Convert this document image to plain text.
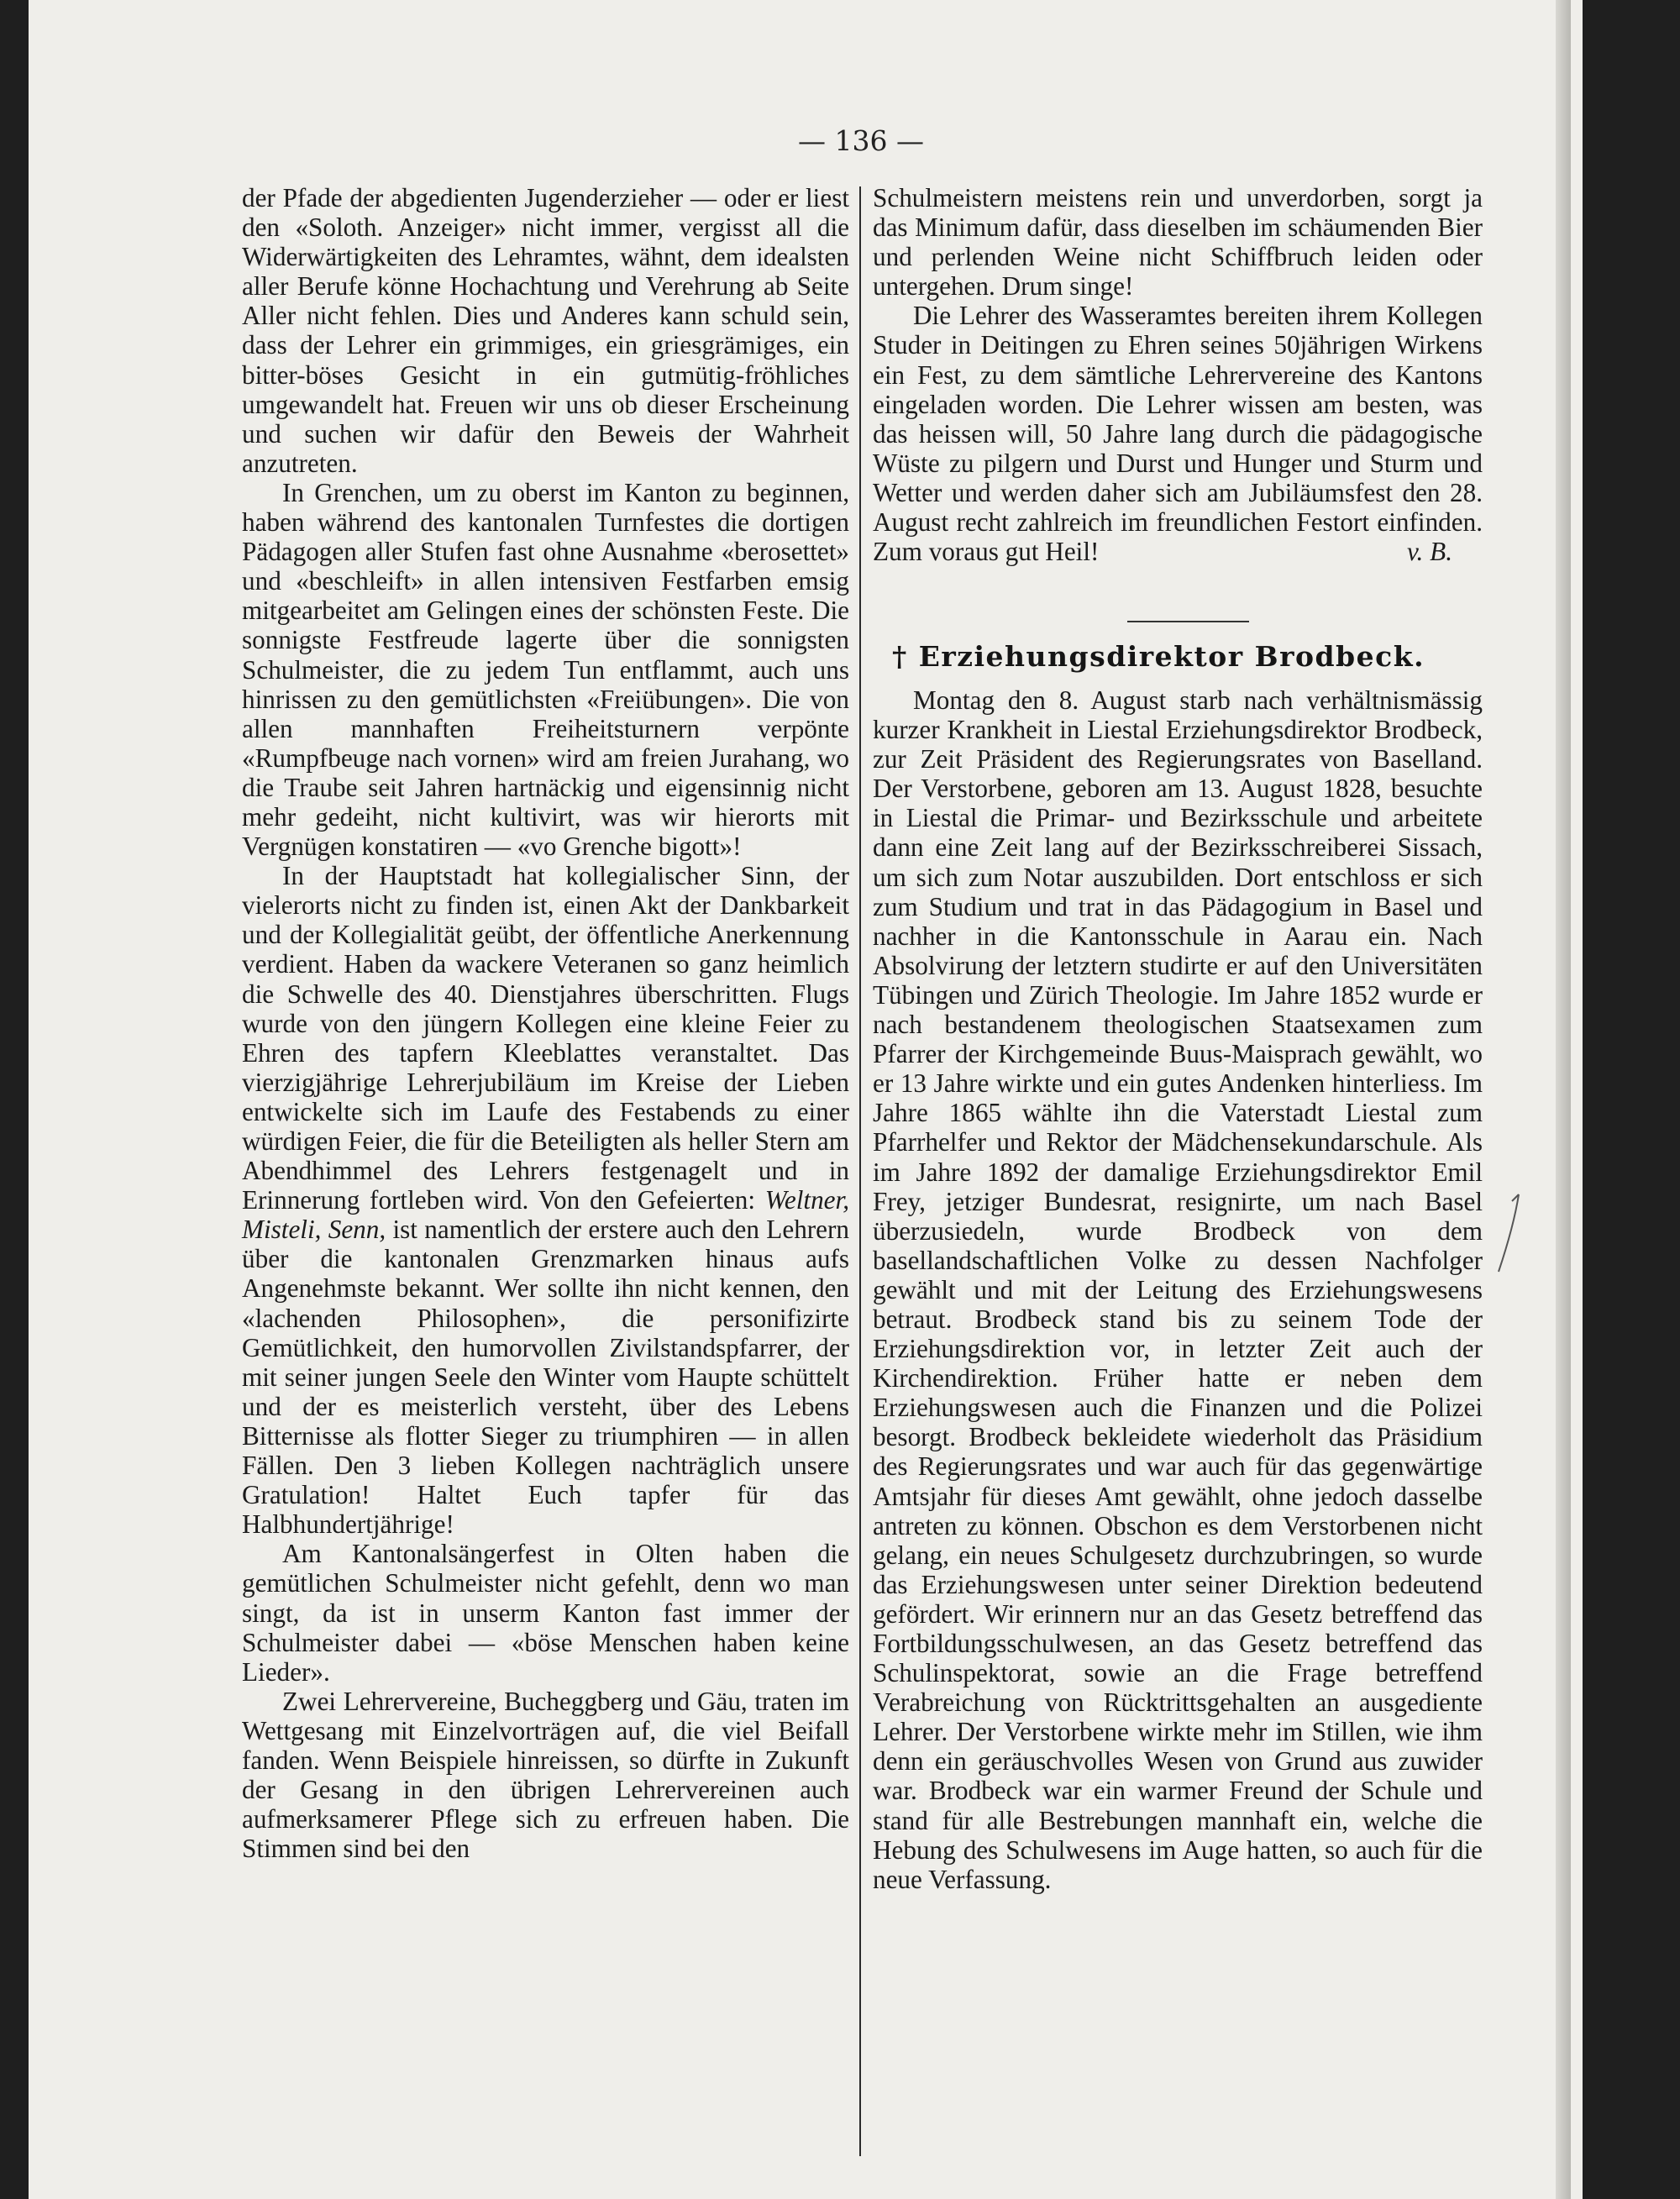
— 136 —

der Pfade der abgedienten Jugenderzieher — oder er liest den «Soloth. Anzeiger» nicht immer, vergisst all die Widerwärtigkeiten des Lehramtes, wähnt, dem idealsten aller Berufe könne Hochachtung und Verehrung ab Seite Aller nicht fehlen. Dies und Anderes kann schuld sein, dass der Lehrer ein grimmiges, ein griesgrämiges, ein bitter-böses Gesicht in ein gutmütig-fröhliches umgewandelt hat. Freuen wir uns ob dieser Erscheinung und suchen wir dafür den Beweis der Wahrheit anzutreten.

In Grenchen, um zu oberst im Kanton zu beginnen, haben während des kantonalen Turnfestes die dortigen Pädagogen aller Stufen fast ohne Ausnahme «berosettet» und «beschleift» in allen intensiven Festfarben emsig mitgearbeitet am Gelingen eines der schönsten Feste. Die sonnigste Festfreude lagerte über die sonnigsten Schulmeister, die zu jedem Tun entflammt, auch uns hinrissen zu den gemütlichsten «Freiübungen». Die von allen mannhaften Freiheitsturnern verpönte «Rumpfbeuge nach vornen» wird am freien Jurahang, wo die Traube seit Jahren hartnäckig und eigensinnig nicht mehr gedeiht, nicht kultivirt, was wir hierorts mit Vergnügen konstatiren — «vo Grenche bigott»!

In der Hauptstadt hat kollegialischer Sinn, der vielerorts nicht zu finden ist, einen Akt der Dankbarkeit und der Kollegialität geübt, der öffentliche Anerkennung verdient. Haben da wackere Veteranen so ganz heimlich die Schwelle des 40. Dienstjahres überschritten. Flugs wurde von den jüngern Kollegen eine kleine Feier zu Ehren des tapfern Kleeblattes veranstaltet. Das vierzigjährige Lehrerjubiläum im Kreise der Lieben entwickelte sich im Laufe des Festabends zu einer würdigen Feier, die für die Beteiligten als heller Stern am Abendhimmel des Lehrers festgenagelt und in Erinnerung fortleben wird. Von den Gefeierten: Weltner, Misteli, Senn, ist namentlich der erstere auch den Lehrern über die kantonalen Grenzmarken hinaus aufs Angenehmste bekannt. Wer sollte ihn nicht kennen, den «lachenden Philosophen», die personifizirte Gemütlichkeit, den humorvollen Zivilstandspfarrer, der mit seiner jungen Seele den Winter vom Haupte schüttelt und der es meisterlich versteht, über des Lebens Bitternisse als flotter Sieger zu triumphiren — in allen Fällen. Den 3 lieben Kollegen nachträglich unsere Gratulation! Haltet Euch tapfer für das Halbhundertjährige!

Am Kantonalsängerfest in Olten haben die gemütlichen Schulmeister nicht gefehlt, denn wo man singt, da ist in unserm Kanton fast immer der Schulmeister dabei — «böse Menschen haben keine Lieder».

Zwei Lehrervereine, Bucheggberg und Gäu, traten im Wettgesang mit Einzelvorträgen auf, die viel Beifall fanden. Wenn Beispiele hinreissen, so dürfte in Zukunft der Gesang in den übrigen Lehrervereinen auch aufmerksamerer Pflege sich zu erfreuen haben. Die Stimmen sind bei den

Schulmeistern meistens rein und unverdorben, sorgt ja das Minimum dafür, dass dieselben im schäumenden Bier und perlenden Weine nicht Schiffbruch leiden oder untergehen. Drum singe!

Die Lehrer des Wasseramtes bereiten ihrem Kollegen Studer in Deitingen zu Ehren seines 50jährigen Wirkens ein Fest, zu dem sämtliche Lehrervereine des Kantons eingeladen worden. Die Lehrer wissen am besten, was das heissen will, 50 Jahre lang durch die pädagogische Wüste zu pilgern und Durst und Hunger und Sturm und Wetter und werden daher sich am Jubiläumsfest den 28. August recht zahlreich im freundlichen Festort einfinden. Zum voraus gut Heil!	v. B.

† Erziehungsdirektor Brodbeck.

Montag den 8. August starb nach verhältnismässig kurzer Krankheit in Liestal Erziehungsdirektor Brodbeck, zur Zeit Präsident des Regierungsrates von Baselland. Der Verstorbene, geboren am 13. August 1828, besuchte in Liestal die Primar- und Bezirksschule und arbeitete dann eine Zeit lang auf der Bezirksschreiberei Sissach, um sich zum Notar auszubilden. Dort entschloss er sich zum Studium und trat in das Pädagogium in Basel und nachher in die Kantonsschule in Aarau ein. Nach Absolvirung der letztern studirte er auf den Universitäten Tübingen und Zürich Theologie. Im Jahre 1852 wurde er nach bestandenem theologischen Staatsexamen zum Pfarrer der Kirchgemeinde Buus-Maisprach gewählt, wo er 13 Jahre wirkte und ein gutes Andenken hinterliess. Im Jahre 1865 wählte ihn die Vaterstadt Liestal zum Pfarrhelfer und Rektor der Mädchensekundarschule. Als im Jahre 1892 der damalige Erziehungsdirektor Emil Frey, jetziger Bundesrat, resignirte, um nach Basel überzusiedeln, wurde Brodbeck von dem basellandschaftlichen Volke zu dessen Nachfolger gewählt und mit der Leitung des Erziehungswesens betraut. Brodbeck stand bis zu seinem Tode der Erziehungsdirektion vor, in letzter Zeit auch der Kirchendirektion. Früher hatte er neben dem Erziehungswesen auch die Finanzen und die Polizei besorgt. Brodbeck bekleidete wiederholt das Präsidium des Regierungsrates und war auch für das gegenwärtige Amtsjahr für dieses Amt gewählt, ohne jedoch dasselbe antreten zu können. Obschon es dem Verstorbenen nicht gelang, ein neues Schulgesetz durchzubringen, so wurde das Erziehungswesen unter seiner Direktion bedeutend gefördert. Wir erinnern nur an das Gesetz betreffend das Fortbildungsschulwesen, an das Gesetz betreffend das Schulinspektorat, sowie an die Frage betreffend Verabreichung von Rücktrittsgehalten an ausgediente Lehrer. Der Verstorbene wirkte mehr im Stillen, wie ihm denn ein geräuschvolles Wesen von Grund aus zuwider war. Brodbeck war ein warmer Freund der Schule und stand für alle Bestrebungen mannhaft ein, welche die Hebung des Schulwesens im Auge hatten, so auch für die neue Verfassung.
